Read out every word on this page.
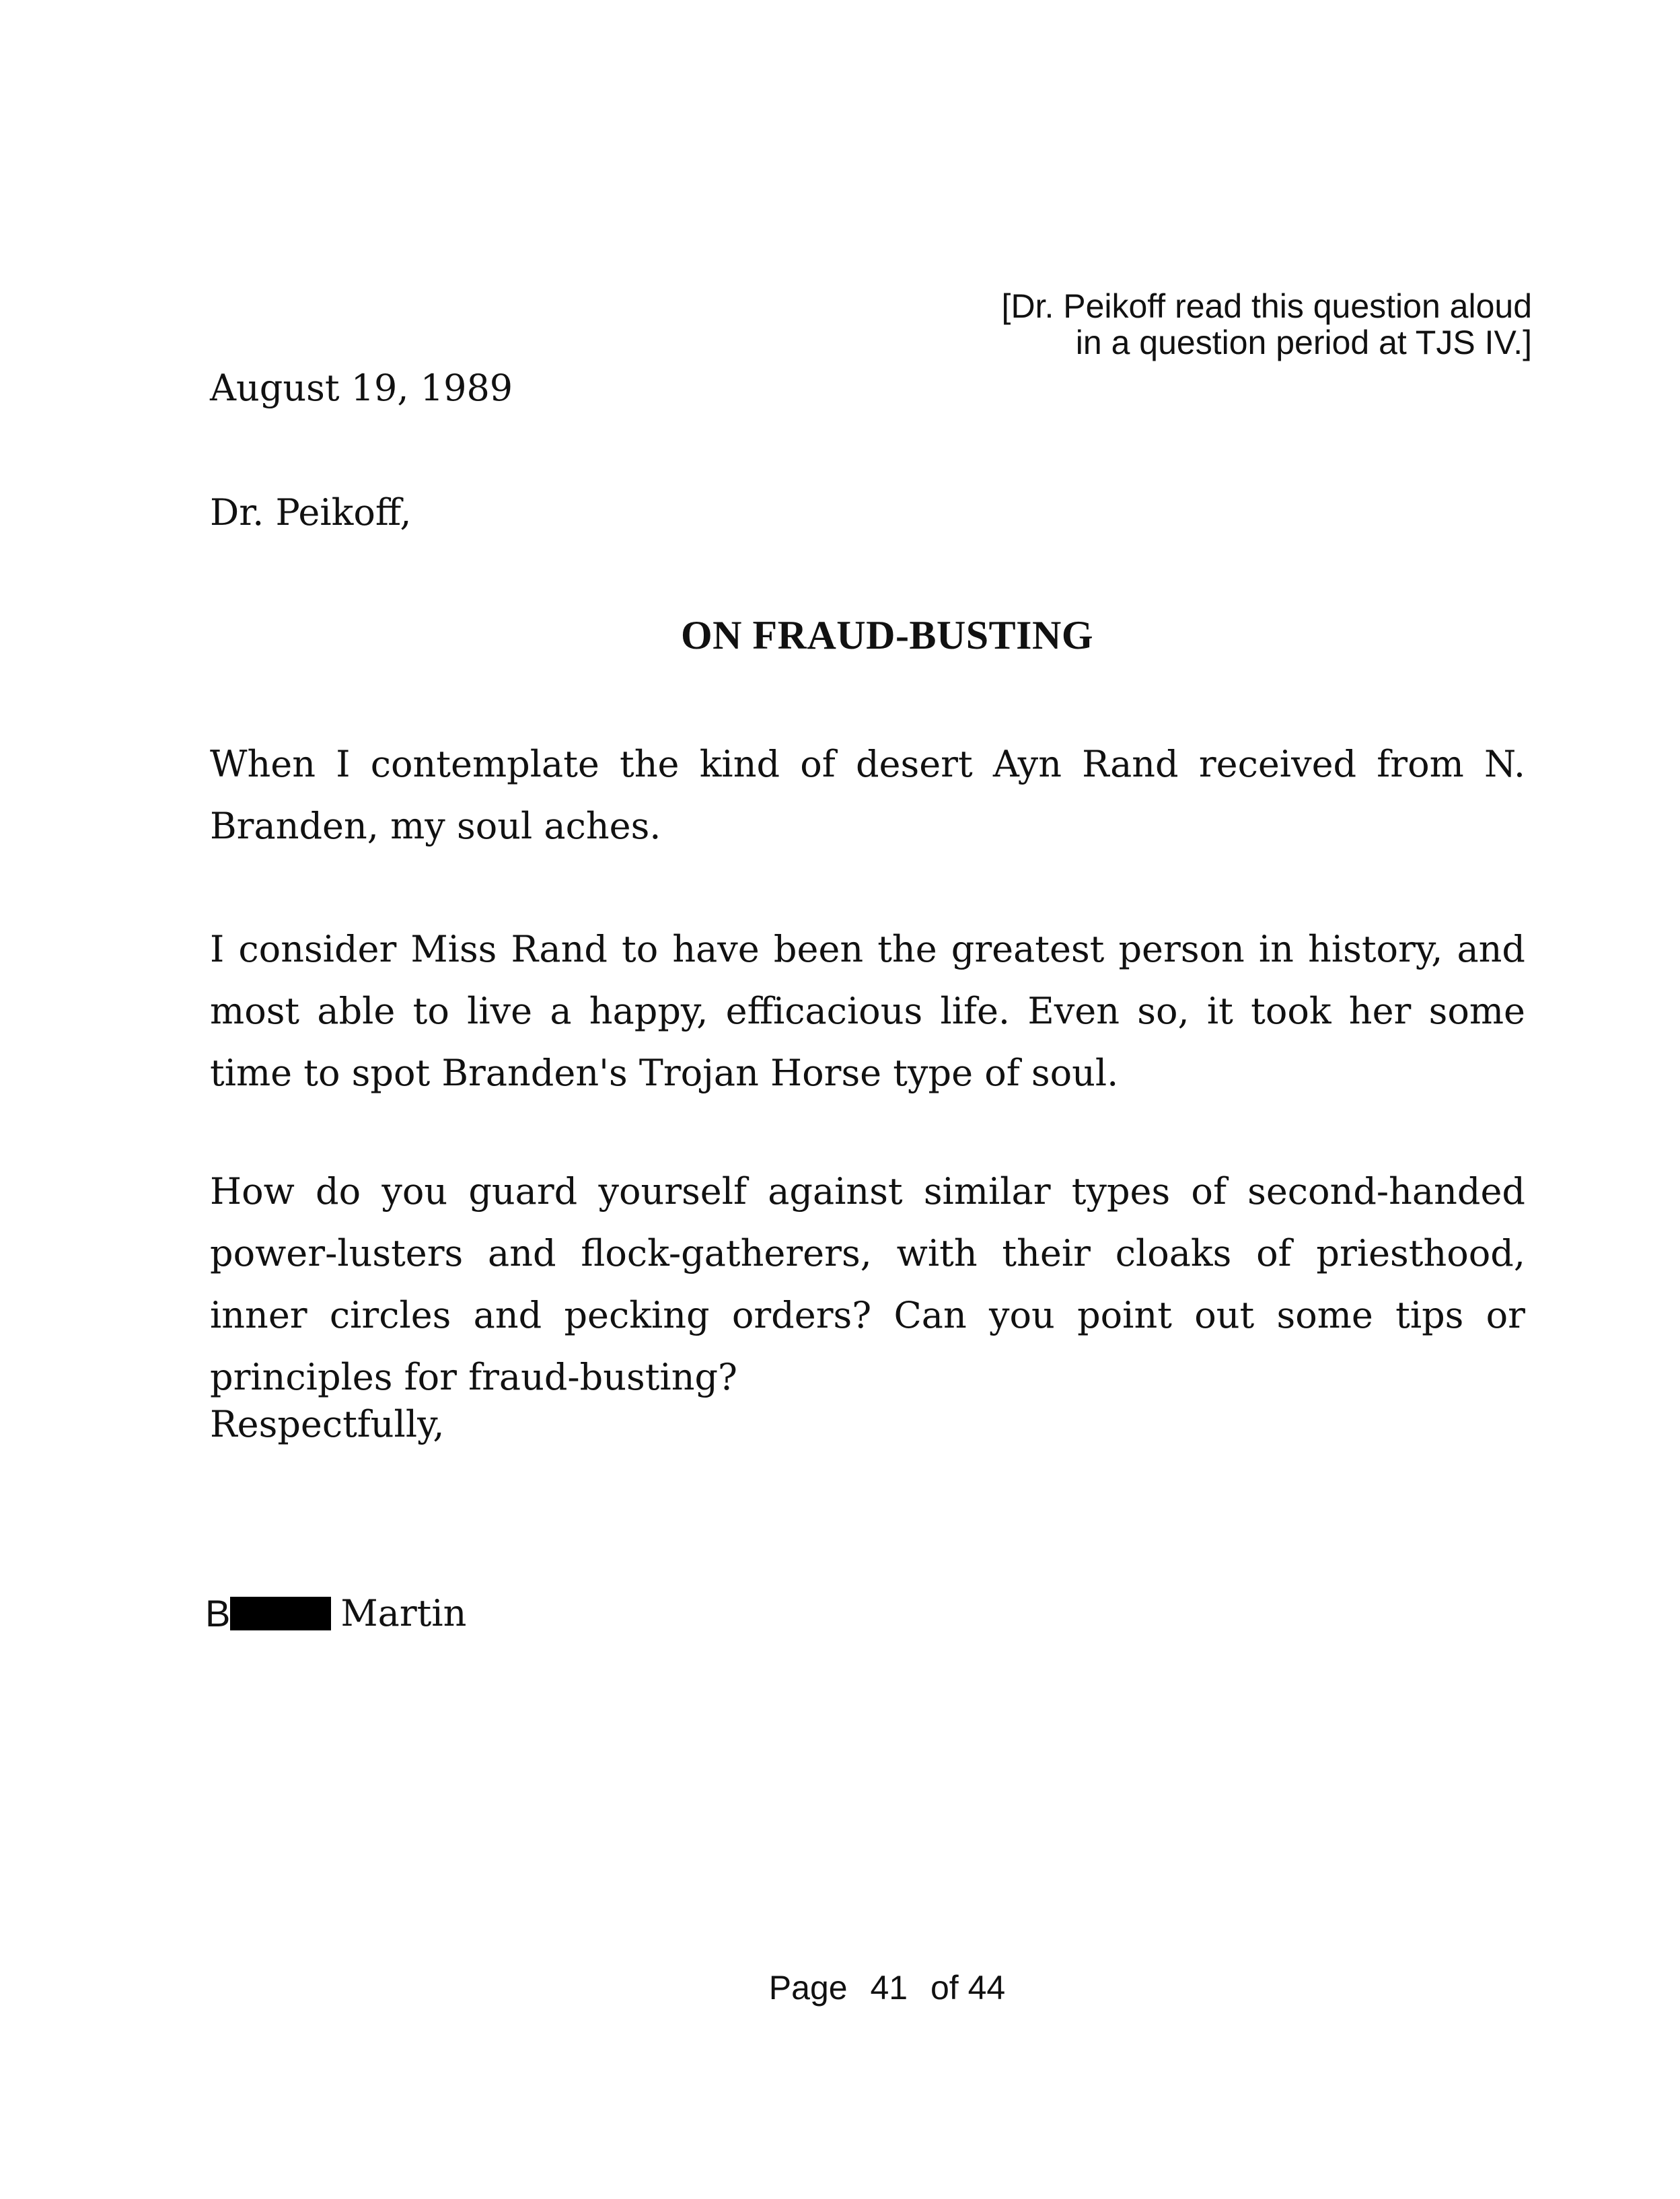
[Dr. Peikoff read this question aloud
in a question period at TJS IV.]
August 19, 1989
Dr. Peikoff,
ON FRAUD-BUSTING
When I contemplate the kind of desert Ayn Rand received from N. Branden, my soul aches.
I consider Miss Rand to have been the greatest person in history, and most able to live a happy, efficacious life. Even so, it took her some time to spot Branden's Trojan Horse type of soul.
How do you guard yourself against similar types of second-handed power-lusters and flock-gatherers, with their cloaks of priesthood, inner circles and pecking orders? Can you point out some tips or principles for fraud-busting?
Respectfully,
B	Martin
Page 41 of 44
